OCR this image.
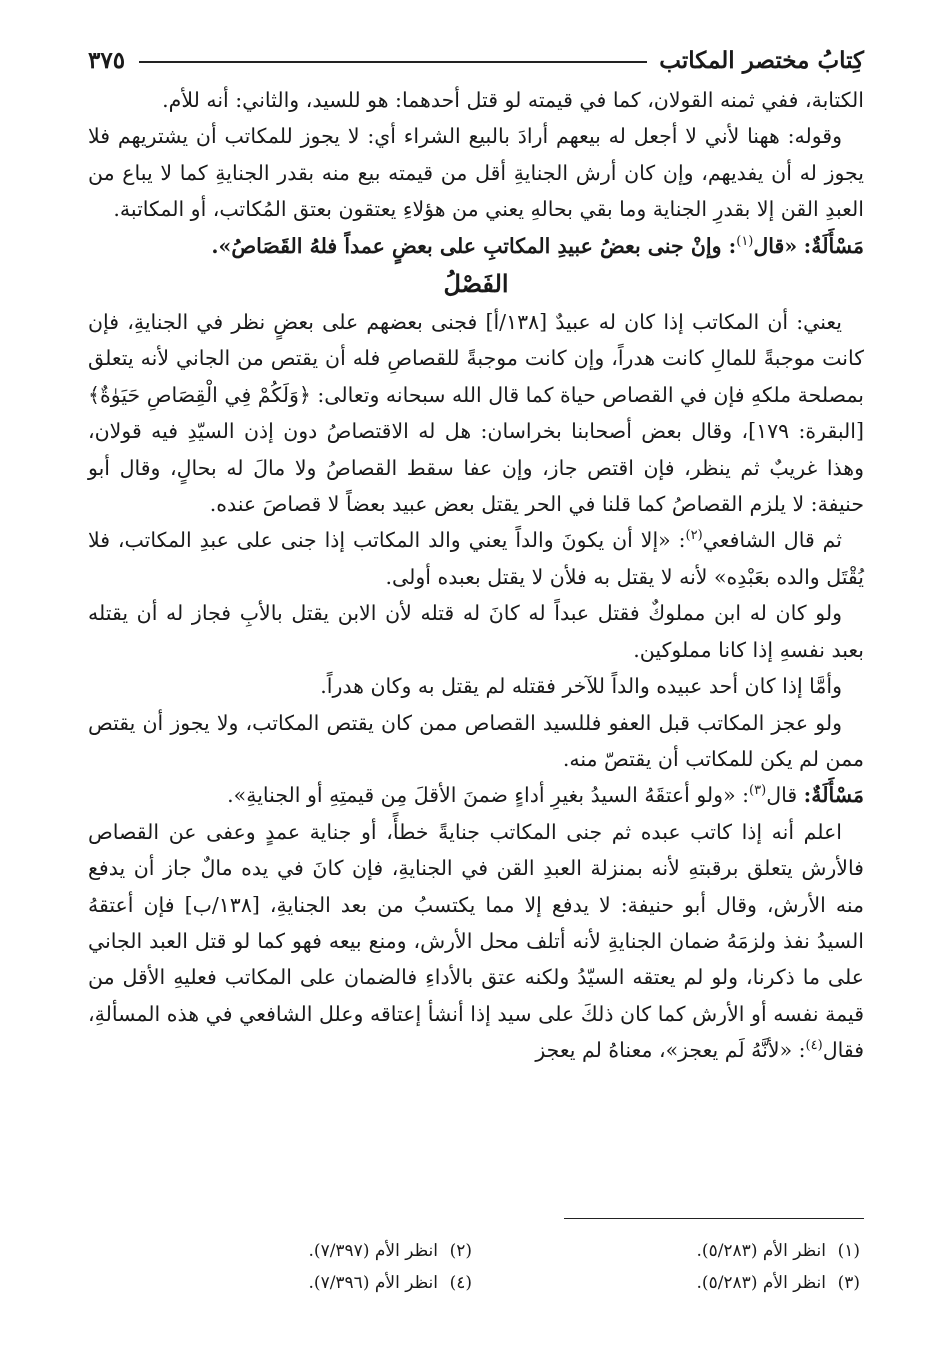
كِتابُ مختصر المكاتب
٣٧٥

الكتابة، ففي ثمنه القولان، كما في قيمته لو قتل أحدهما: هو للسيد، والثاني: أنه للأم.

وقوله: ههنا لأني لا أجعل له بيعهم أرادَ بالبيع الشراء أي: لا يجوز للمكاتب أن يشتريهم فلا يجوز له أن يفديهم، وإن كان أرش الجنايةِ أقل من قيمته بيع منه بقدر الجنايةِ كما لا يباع من العبدِ القن إلا بقدرِ الجناية وما بقي بحالهِ يعني من هؤلاءِ يعتقون بعتق المُكاتب، أو المكاتبة.

مَسْأَلَةٌ: «قال$^{(١)}$: وإنْ جنى بعضُ عبيدِ المكاتبِ على بعضٍ عمداً فلهُ القَصَاصُ».

الفَصْلُ

يعني: أن المكاتب إذا كان له عبيدٌ [١٣٨/أ] فجنى بعضهم على بعضٍ نظر في الجنايةِ، فإن كانت موجبةً للمالِ كانت هدراً، وإن كانت موجبةً للقصاصِ فله أن يقتص من الجاني لأنه يتعلق بمصلحة ملكهِ فإن في القصاص حياة كما قال الله سبحانه وتعالى: ﴿وَلَكُمْ فِي الْقِصَاصِ حَيَوٰةٌ﴾ [البقرة: ١٧٩]، وقال بعض أصحابنا بخراسان: هل له الاقتصاصُ دون إذن السيّدِ فيه قولان، وهذا غريبٌ ثم ينظر، فإن اقتص جاز، وإن عفا سقط القصاصُ ولا مالَ له بحالٍ، وقال أبو حنيفة: لا يلزم القصاصُ كما قلنا في الحر يقتل بعض عبيد بعضاً لا قصاصَ عنده.

ثم قال الشافعي$^{(٢)}$: «إلا أن يكونَ والداً يعني والد المكاتب إذا جنى على عبدِ المكاتب، فلا يُقْتَل والده بعَبْدِه» لأنه لا يقتل به فلأن لا يقتل بعبده أولى.

ولو كان له ابن مملوكٌ فقتل عبداً له كانَ له قتله لأن الابن يقتل بالأبِ فجاز له أن يقتله بعبد نفسهِ إذا كانا مملوكين.

وأمَّا إذا كان أحد عبيده والداً للآخر فقتله لم يقتل به وكان هدراً.

ولو عجز المكاتب قبل العفو فللسيد القصاص ممن كان يقتص المكاتب، ولا يجوز أن يقتص ممن لم يكن للمكاتب أن يقتصّ منه.

مَسْأَلَةٌ: قال$^{(٣)}$: «ولو أعتقَهُ السيدُ بغيرِ أداءٍ ضمنَ الأقلَ مِن قيمتِهِ أو الجنايةِ».

اعلم أنه إذا كاتب عبده ثم جنى المكاتب جنايةً خطأً، أو جناية عمدٍ وعفى عن القصاص فالأرش يتعلق برقبتهِ لأنه بمنزلة العبدِ القن في الجنايةِ، فإن كانَ في يده مالٌ جاز أن يدفع منه الأرش، وقال أبو حنيفة: لا يدفع إلا مما يكتسبُ من بعد الجنايةِ، [١٣٨/ب] فإن أعتقهُ السيدُ نفذ ولزمَهُ ضمان الجنايةِ لأنه أتلف محل الأرش، ومنع بيعه فهو كما لو قتل العبد الجاني على ما ذكرنا، ولو لم يعتقه السيّدُ ولكنه عتق بالأداءِ فالضمان على المكاتب فعليهِ الأقل من قيمة نفسه أو الأرش كما كان ذلكَ على سيد إذا أنشأ إعتاقه وعلل الشافعي في هذه المسألةِ، فقال$^{(٤)}$: «لأنَّهُ لَم يعجز»، معناهُ لم يعجز

(١)انظر الأم (٥/٢٨٣).
(٢)انظر الأم (٧/٣٩٧).
(٣)انظر الأم (٥/٢٨٣).
(٤)انظر الأم (٧/٣٩٦).
